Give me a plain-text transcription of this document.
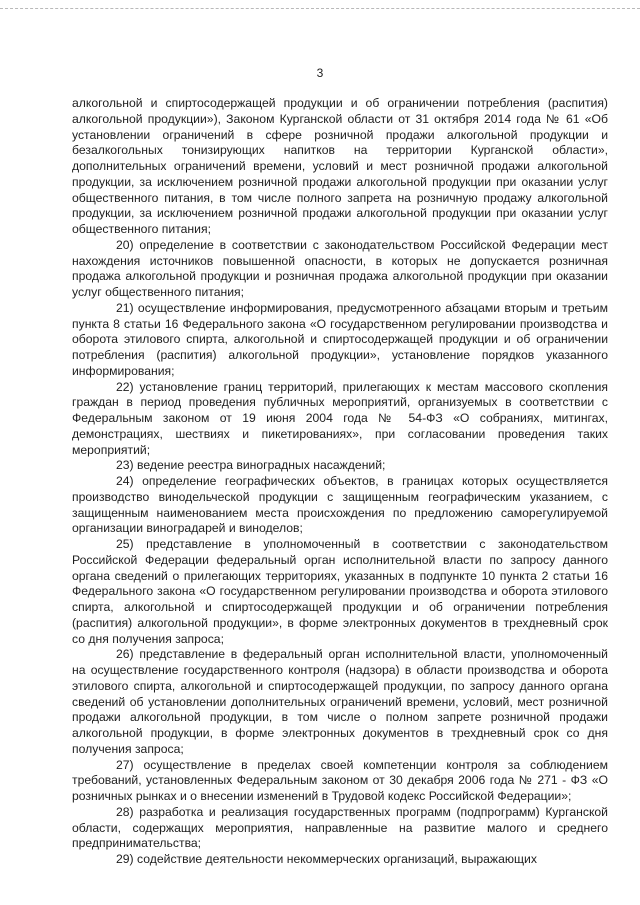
3

алкогольной и спиртосодержащей продукции и об ограничении потребления (распития) алкогольной продукции»), Законом Курганской области от 31 октября 2014 года № 61 «Об установлении ограничений в сфере розничной продажи алкогольной продукции и безалкогольных тонизирующих напитков на территории Курганской области», дополнительных ограничений времени, условий и мест розничной продажи алкогольной продукции, за исключением розничной продажи алкогольной продукции при оказании услуг общественного питания, в том числе полного запрета на розничную продажу алкогольной продукции, за исключением розничной продажи алкогольной продукции при оказании услуг общественного питания;

20) определение в соответствии с законодательством Российской Федерации мест нахождения источников повышенной опасности, в которых не допускается розничная продажа алкогольной продукции и розничная продажа алкогольной продукции при оказании услуг общественного питания;

21) осуществление информирования, предусмотренного абзацами вторым и третьим пункта 8 статьи 16 Федерального закона «О государственном регулировании производства и оборота этилового спирта, алкогольной и спиртосодержащей продукции и об ограничении потребления (распития) алкогольной продукции», установление порядков указанного информирования;

22) установление границ территорий, прилегающих к местам массового скопления граждан в период проведения публичных мероприятий, организуемых в соответствии с Федеральным законом от 19 июня 2004 года № 54-ФЗ «О собраниях, митингах, демонстрациях, шествиях и пикетированиях», при согласовании проведения таких мероприятий;

23) ведение реестра виноградных насаждений;

24) определение географических объектов, в границах которых осуществляется производство винодельческой продукции с защищенным географическим указанием, с защищенным наименованием места происхождения по предложению саморегулируемой организации виноградарей и виноделов;

25) представление в уполномоченный в соответствии с законодательством Российской Федерации федеральный орган исполнительной власти по запросу данного органа сведений о прилегающих территориях, указанных в подпункте 10 пункта 2 статьи 16 Федерального закона «О государственном регулировании производства и оборота этилового спирта, алкогольной и спиртосодержащей продукции и об ограничении потребления (распития) алкогольной продукции», в форме электронных документов в трехдневный срок со дня получения запроса;

26) представление в федеральный орган исполнительной власти, уполномоченный на осуществление государственного контроля (надзора) в области производства и оборота этилового спирта, алкогольной и спиртосодержащей продукции, по запросу данного органа сведений об установлении дополнительных ограничений времени, условий, мест розничной продажи алкогольной продукции, в том числе о полном запрете розничной продажи алкогольной продукции, в форме электронных документов в трехдневный срок со дня получения запроса;

27) осуществление в пределах своей компетенции контроля за соблюдением требований, установленных Федеральным законом от 30 декабря 2006 года № 271 - ФЗ «О розничных рынках и о внесении изменений в Трудовой кодекс Российской Федерации»;

28) разработка и реализация государственных программ (подпрограмм) Курганской области, содержащих мероприятия, направленные на развитие малого и среднего предпринимательства;

29) содействие деятельности некоммерческих организаций, выражающих
